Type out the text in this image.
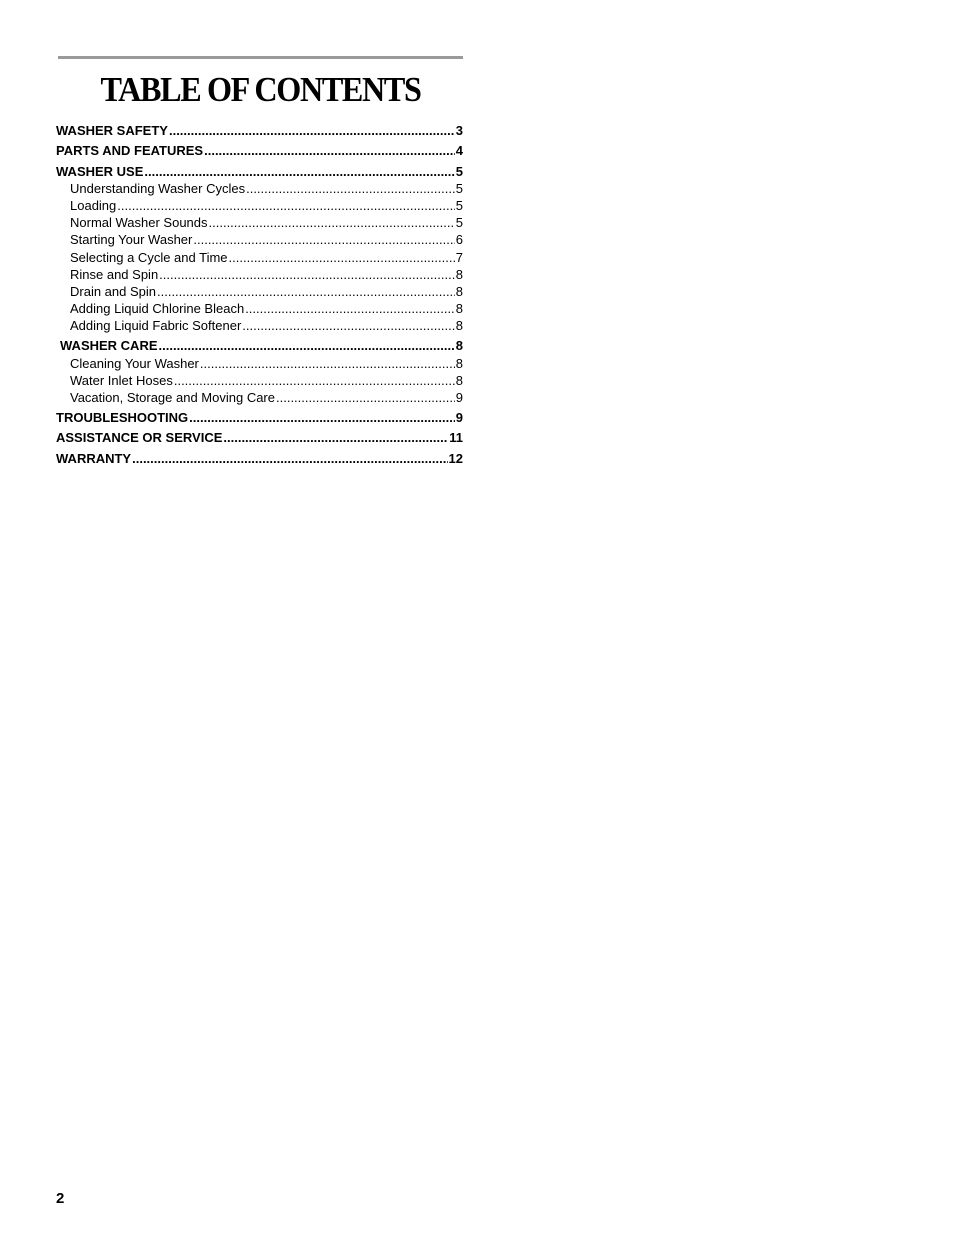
TABLE OF CONTENTS
WASHER SAFETY .....	3
PARTS AND FEATURES .....	4
WASHER USE .....	5
Understanding Washer Cycles .....	5
Loading .....	5
Normal Washer Sounds .....	5
Starting Your Washer .....	6
Selecting a Cycle and Time .....	7
Rinse and Spin .....	8
Drain and Spin .....	8
Adding Liquid Chlorine Bleach .....	8
Adding Liquid Fabric Softener .....	8
WASHER CARE .....	8
Cleaning Your Washer .....	8
Water Inlet Hoses .....	8
Vacation, Storage and Moving Care .....	9
TROUBLESHOOTING .....	9
ASSISTANCE OR SERVICE .....	11
WARRANTY .....	12
2
